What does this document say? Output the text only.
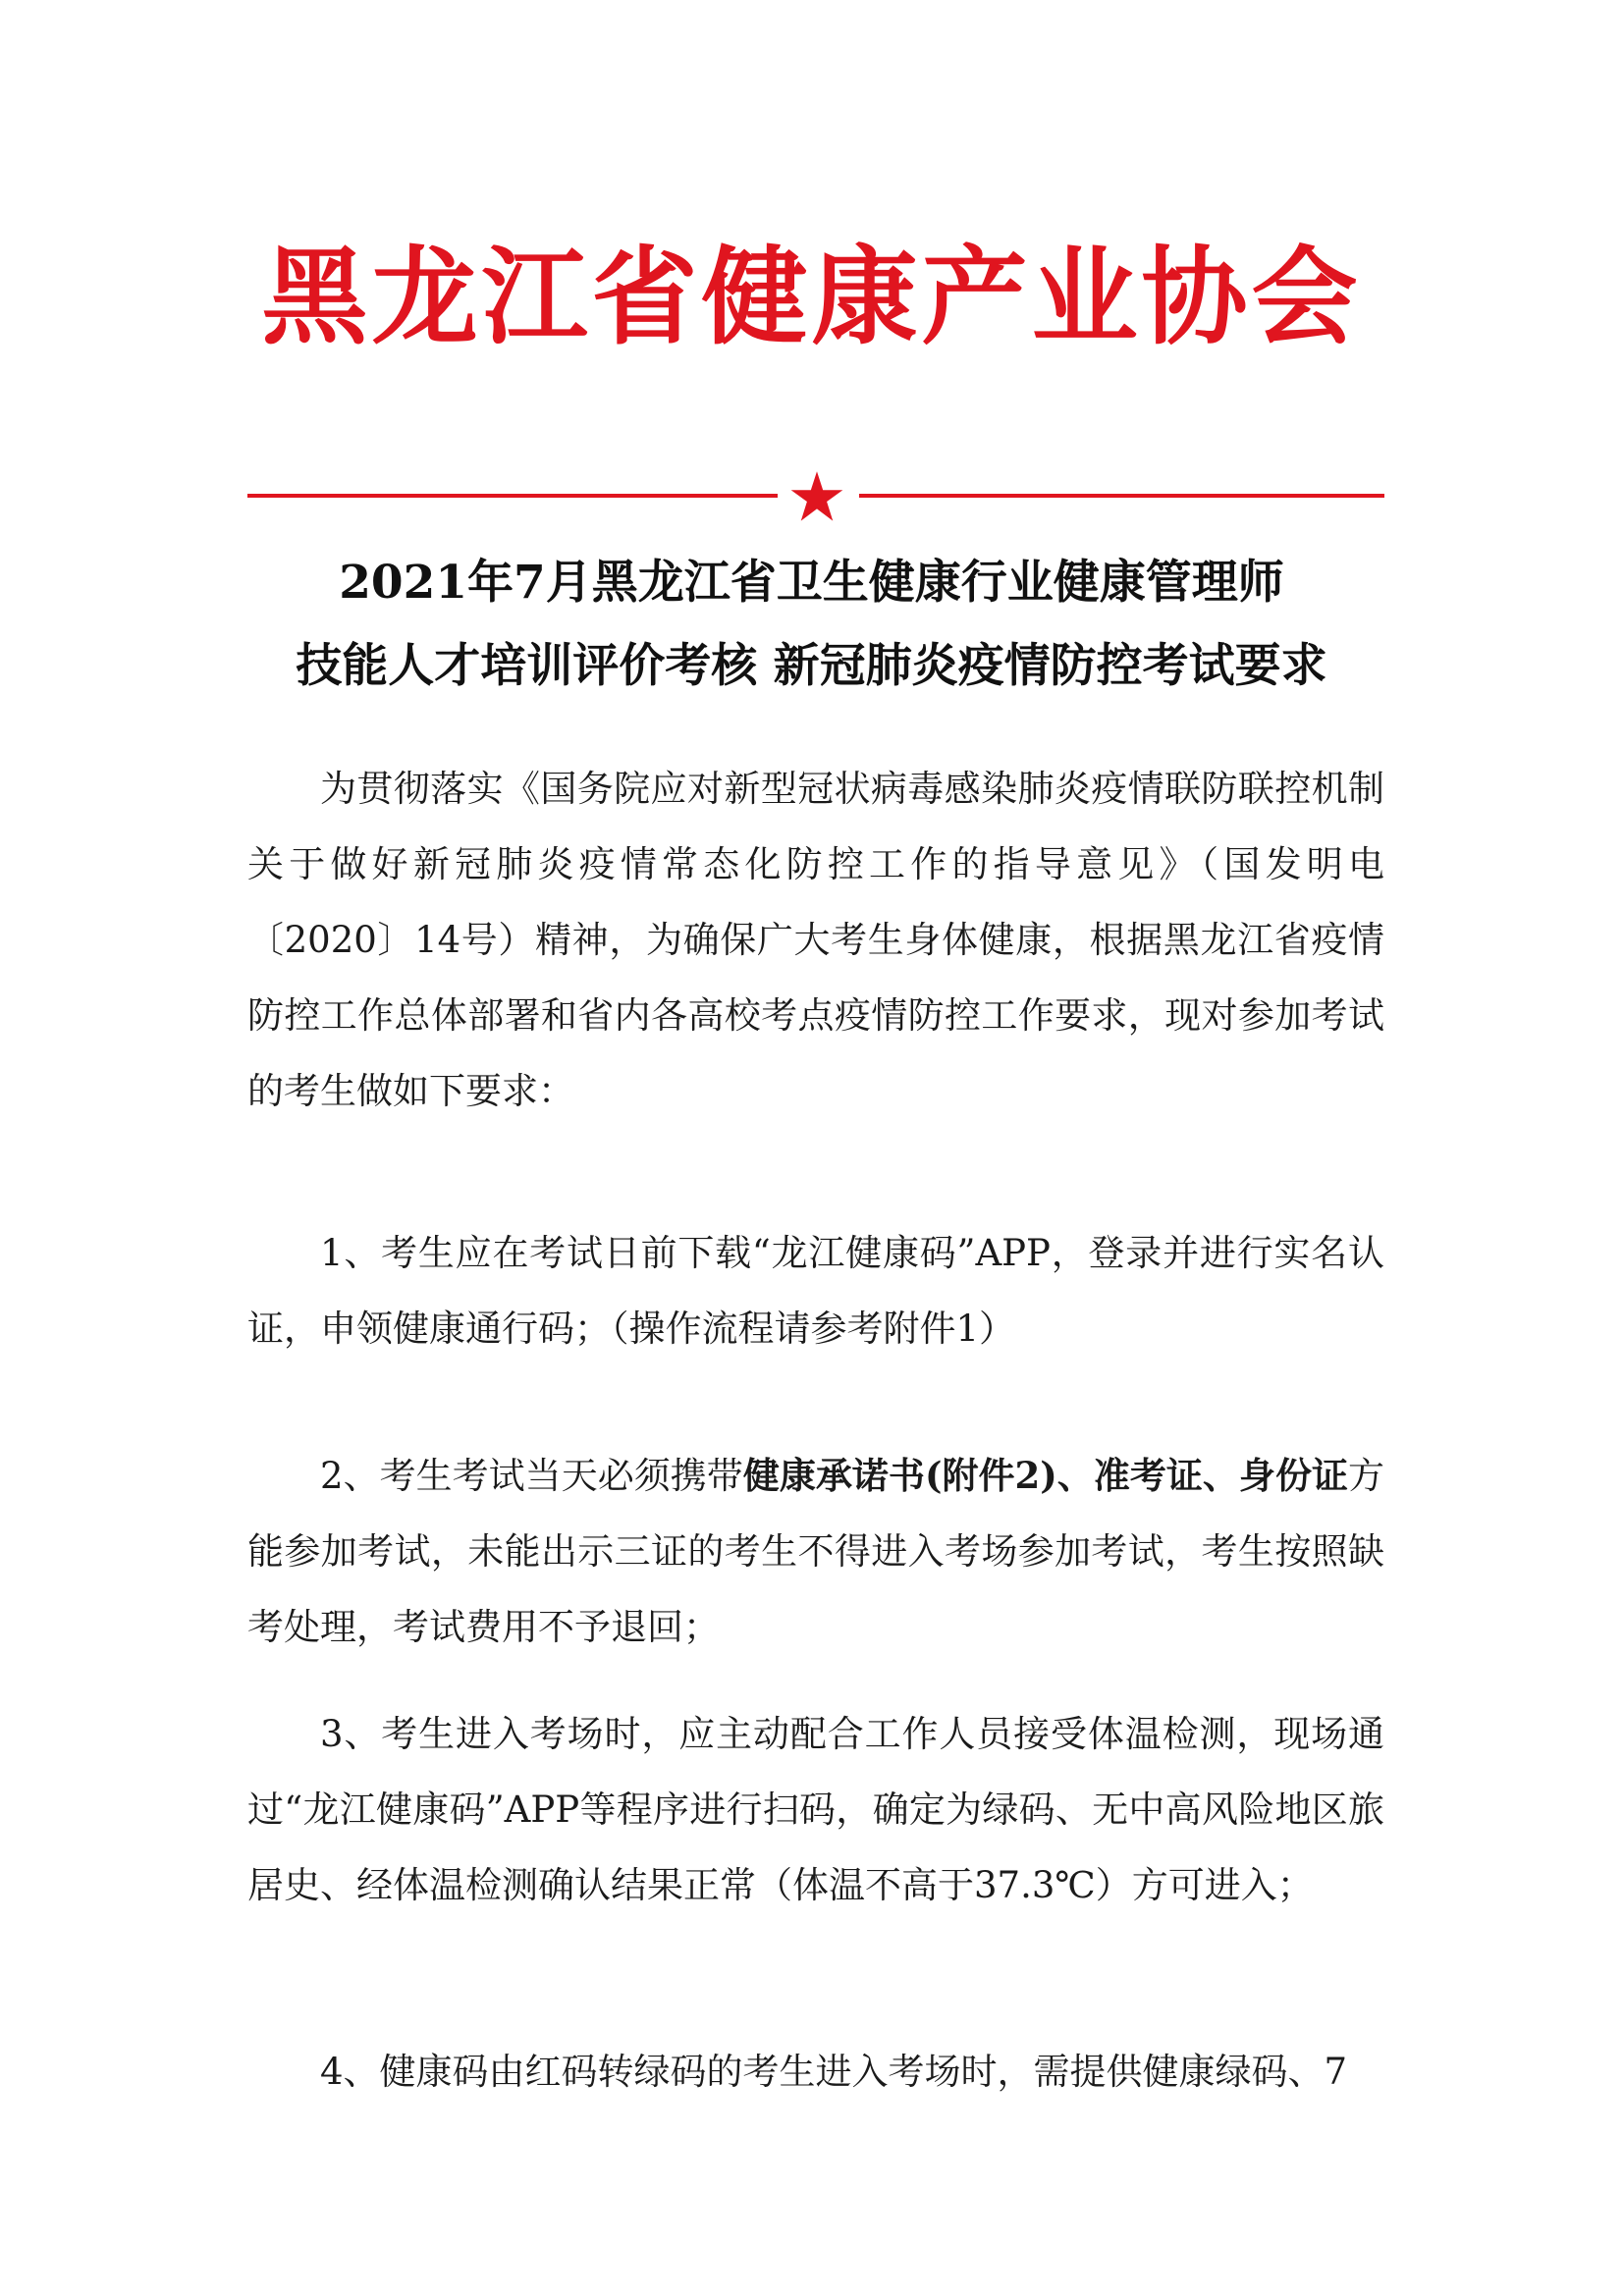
黑龙江省健康产业协会
2021年7月黑龙江省卫生健康行业健康管理师
技能人才培训评价考核 新冠肺炎疫情防控考试要求

为贯彻落实《国务院应对新型冠状病毒感染肺炎疫情联防联控机制关于做好新冠肺炎疫情常态化防控工作的指导意见》（国发明电〔2020〕14号）精神，为确保广大考生身体健康，根据黑龙江省疫情防控工作总体部署和省内各高校考点疫情防控工作要求，现对参加考试的考生做如下要求：

1、考生应在考试日前下载“龙江健康码”APP，登录并进行实名认证，申领健康通行码；（操作流程请参考附件1）

2、考生考试当天必须携带健康承诺书(附件2)、准考证、身份证方能参加考试，未能出示三证的考生不得进入考场参加考试，考生按照缺考处理，考试费用不予退回；

3、考生进入考场时，应主动配合工作人员接受体温检测，现场通过“龙江健康码”APP等程序进行扫码，确定为绿码、无中高风险地区旅居史、经体温检测确认结果正常（体温不高于37.3℃）方可进入；

4、健康码由红码转绿码的考生进入考场时，需提供健康绿码、7
